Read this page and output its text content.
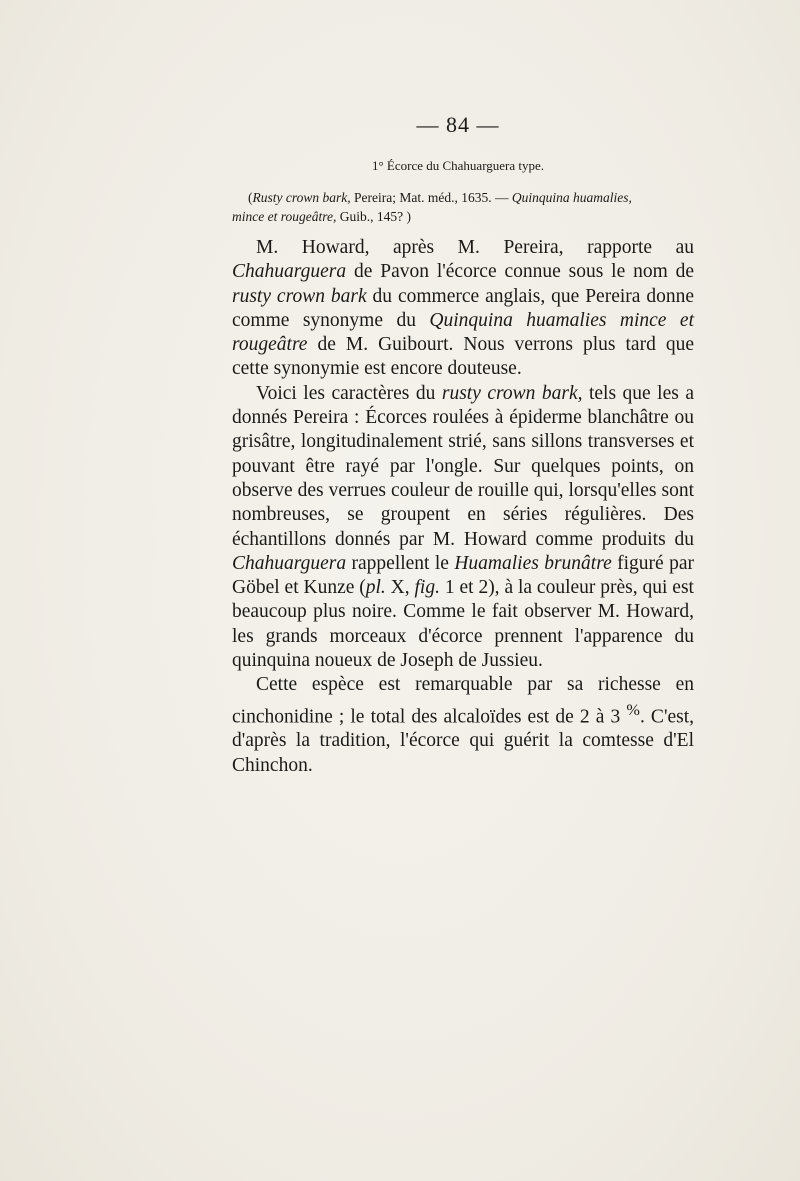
— 84 —
1° Écorce du Chahuarguera type.
(Rusty crown bark, Pereira; Mat. méd., 1635. — Quinquina huamalies,
mince et rougeâtre, Guib., 145? )

M. Howard, après M. Pereira, rapporte au Chahuarguera de Pavon l'écorce connue sous le nom de rusty crown bark du commerce anglais, que Pereira donne comme synonyme du Quinquina huamalies mince et rougeâtre de M. Guibourt. Nous verrons plus tard que cette synonymie est encore douteuse.

Voici les caractères du rusty crown bark, tels que les a donnés Pereira : Écorces roulées à épiderme blanchâtre ou grisâtre, longitudinalement strié, sans sillons transverses et pouvant être rayé par l'ongle. Sur quelques points, on observe des verrues couleur de rouille qui, lorsqu'elles sont nombreuses, se groupent en séries régulières. Des échantillons donnés par M. Howard comme produits du Chahuarguera rappellent le Huamalies brunâtre figuré par Göbel et Kunze (pl. X, fig. 1 et 2), à la couleur près, qui est beaucoup plus noire. Comme le fait observer M. Howard, les grands morceaux d'écorce prennent l'apparence du quinquina noueux de Joseph de Jussieu.

Cette espèce est remarquable par sa richesse en cinchonidine ; le total des alcaloïdes est de 2 à 3 %. C'est, d'après la tradition, l'écorce qui guérit la comtesse d'El Chinchon.
